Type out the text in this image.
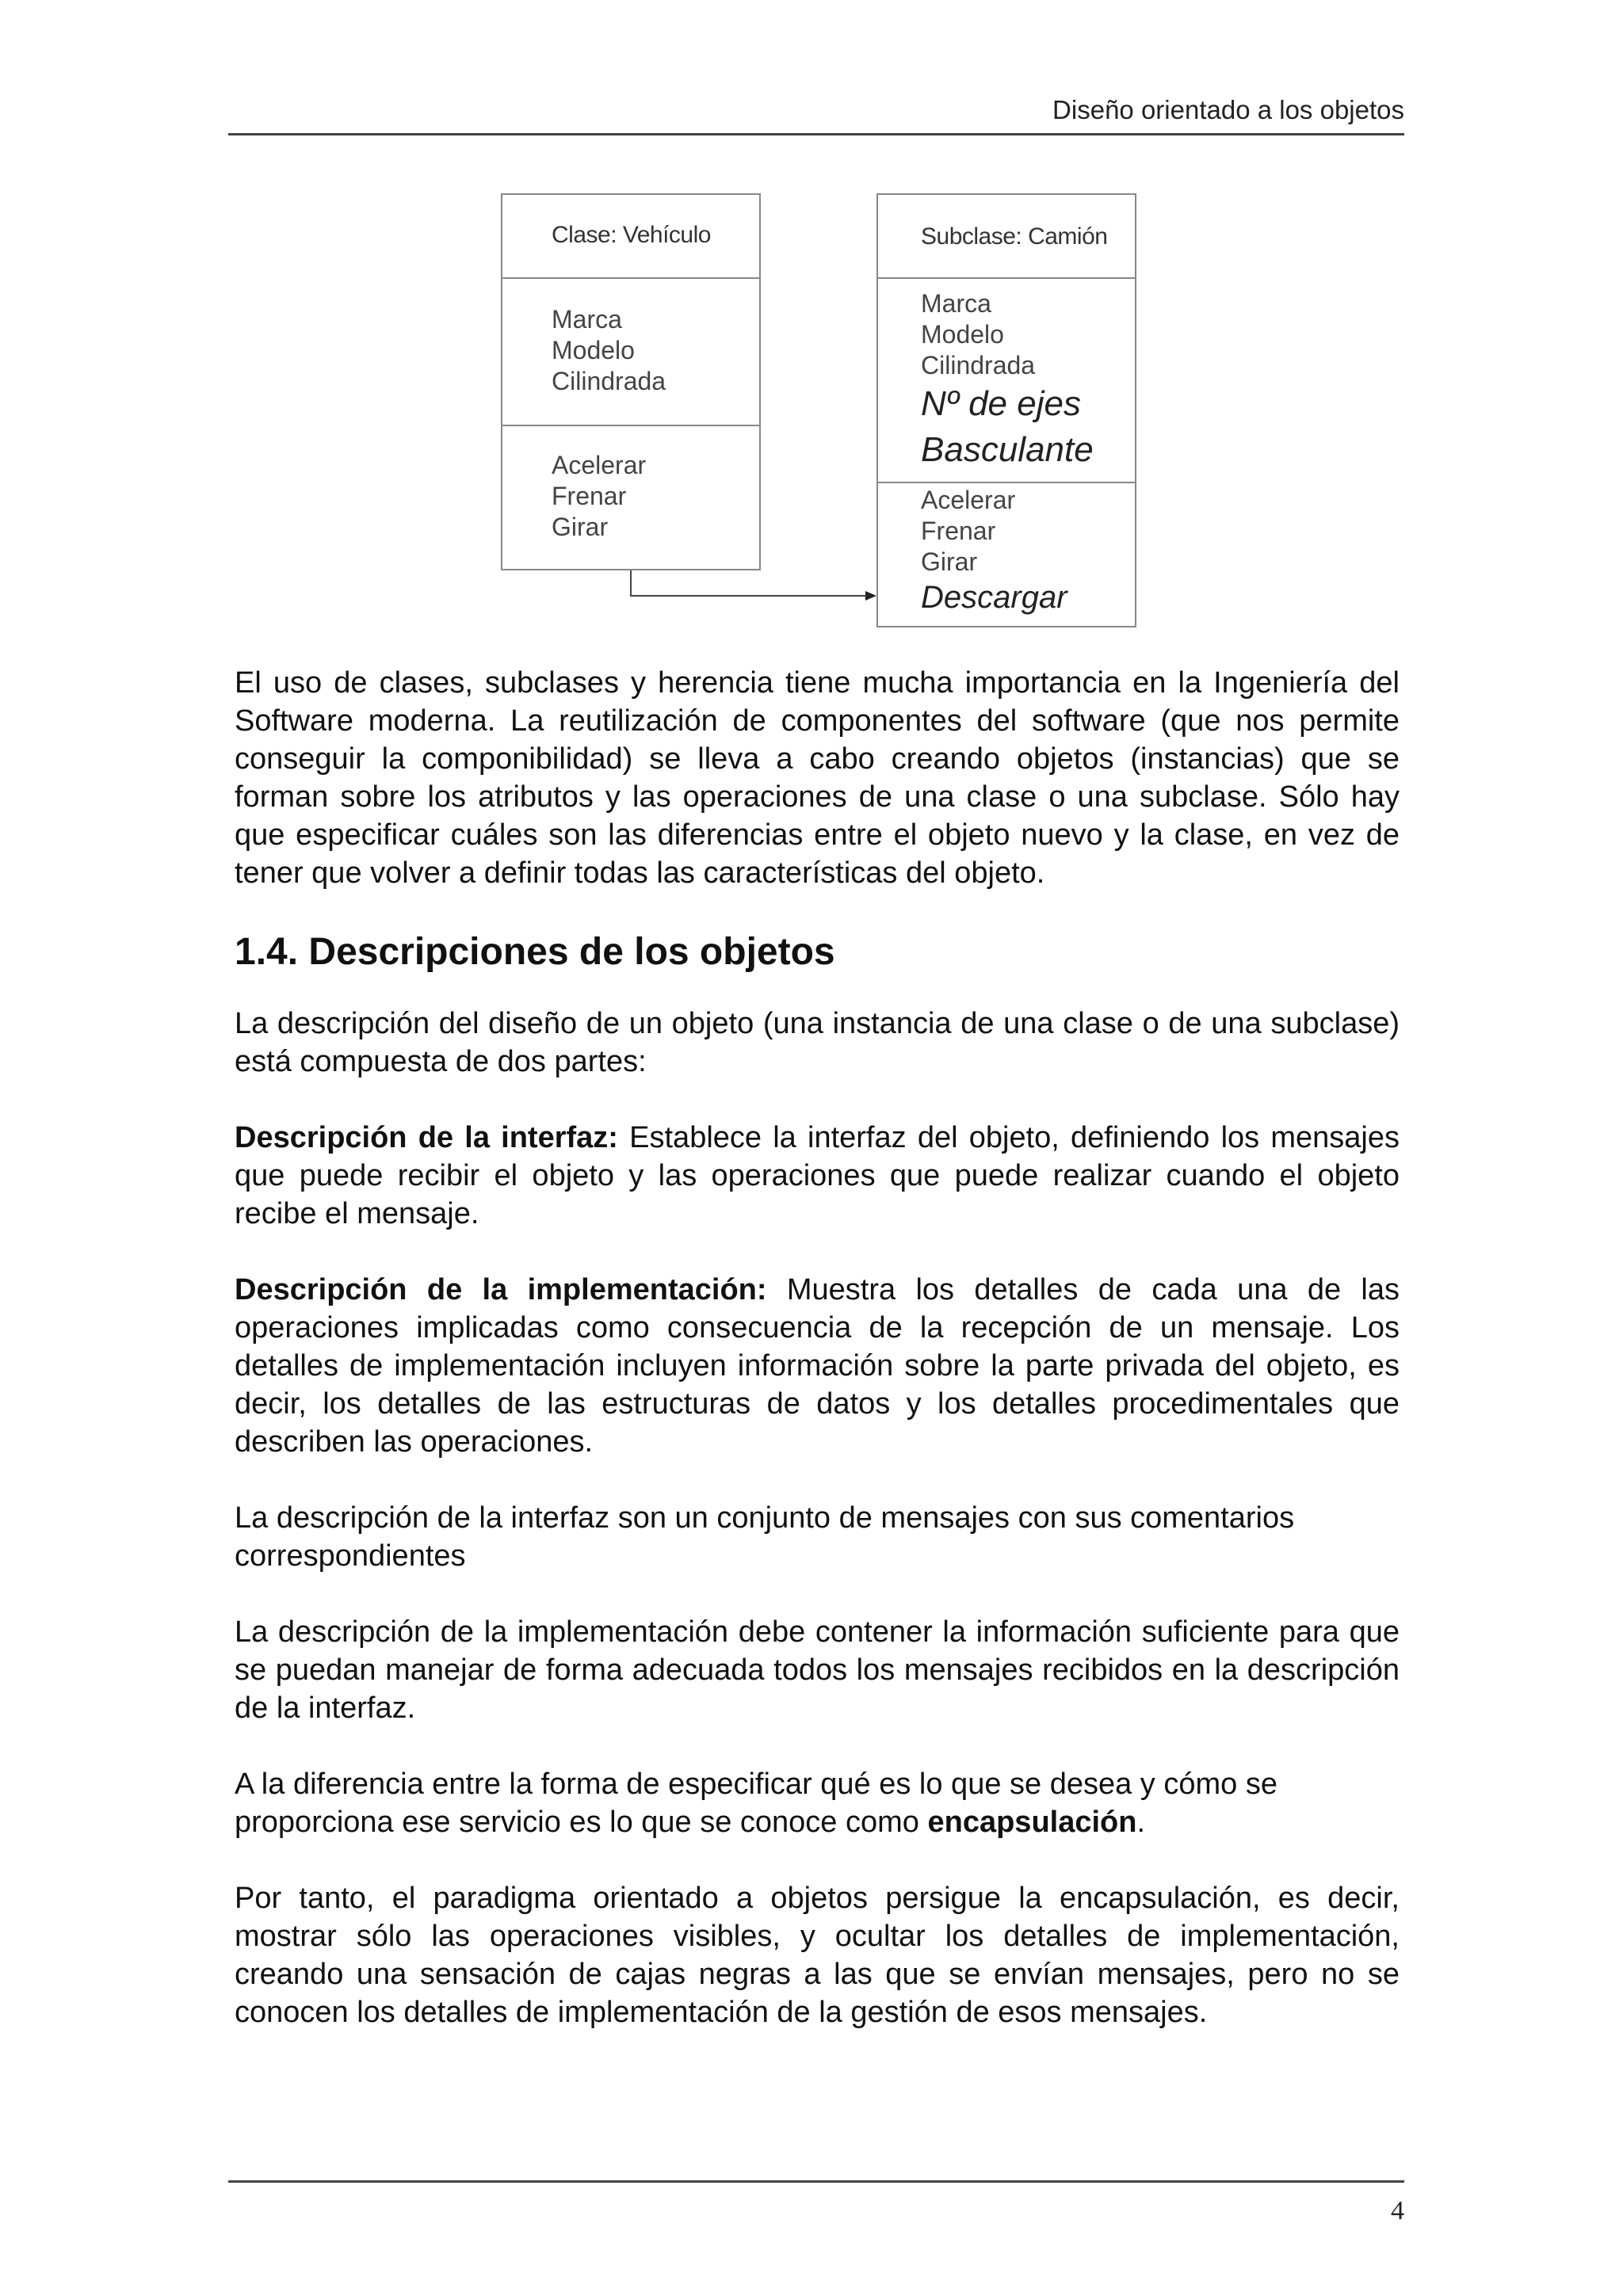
Diseño orientado a los objetos
Clase: Vehículo
Marca
Modelo
Cilindrada
Acelerar
Frenar
Girar
Subclase: Camión
Marca
Modelo
Cilindrada
Nº de ejes
Basculante
Acelerar
Frenar
Girar
Descargar

El uso de clases, subclases y herencia tiene mucha importancia en la Ingeniería del Software moderna. La reutilización de componentes del software (que nos permite conseguir la componibilidad) se lleva a cabo creando objetos (instancias) que se forman sobre los atributos y las operaciones de una clase o una subclase. Sólo hay que especificar cuáles son las diferencias entre el objeto nuevo y la clase, en vez de tener que volver a definir todas las características del objeto.

1.4. Descripciones de los objetos

La descripción del diseño de un objeto (una instancia de una clase o de una subclase) está compuesta de dos partes:

Descripción de la interfaz: Establece la interfaz del objeto, definiendo los mensajes que puede recibir el objeto y las operaciones que puede realizar cuando el objeto recibe el mensaje.

Descripción de la implementación: Muestra los detalles de cada una de las operaciones implicadas como consecuencia de la recepción de un mensaje. Los detalles de implementación incluyen información sobre la parte privada del objeto, es decir, los detalles de las estructuras de datos y los detalles procedimentales que describen las operaciones.

La descripción de la interfaz son un conjunto de mensajes con sus comentarios correspondientes

La descripción de la implementación debe contener la información suficiente para que se puedan manejar de forma adecuada todos los mensajes recibidos en la descripción de la interfaz.

A la diferencia entre la forma de especificar qué es lo que se desea y cómo se proporciona ese servicio es lo que se conoce como encapsulación.

Por tanto, el paradigma orientado a objetos persigue la encapsulación, es decir, mostrar sólo las operaciones visibles, y ocultar los detalles de implementación, creando una sensación de cajas negras a las que se envían mensajes, pero no se conocen los detalles de implementación de la gestión de esos mensajes.

4
